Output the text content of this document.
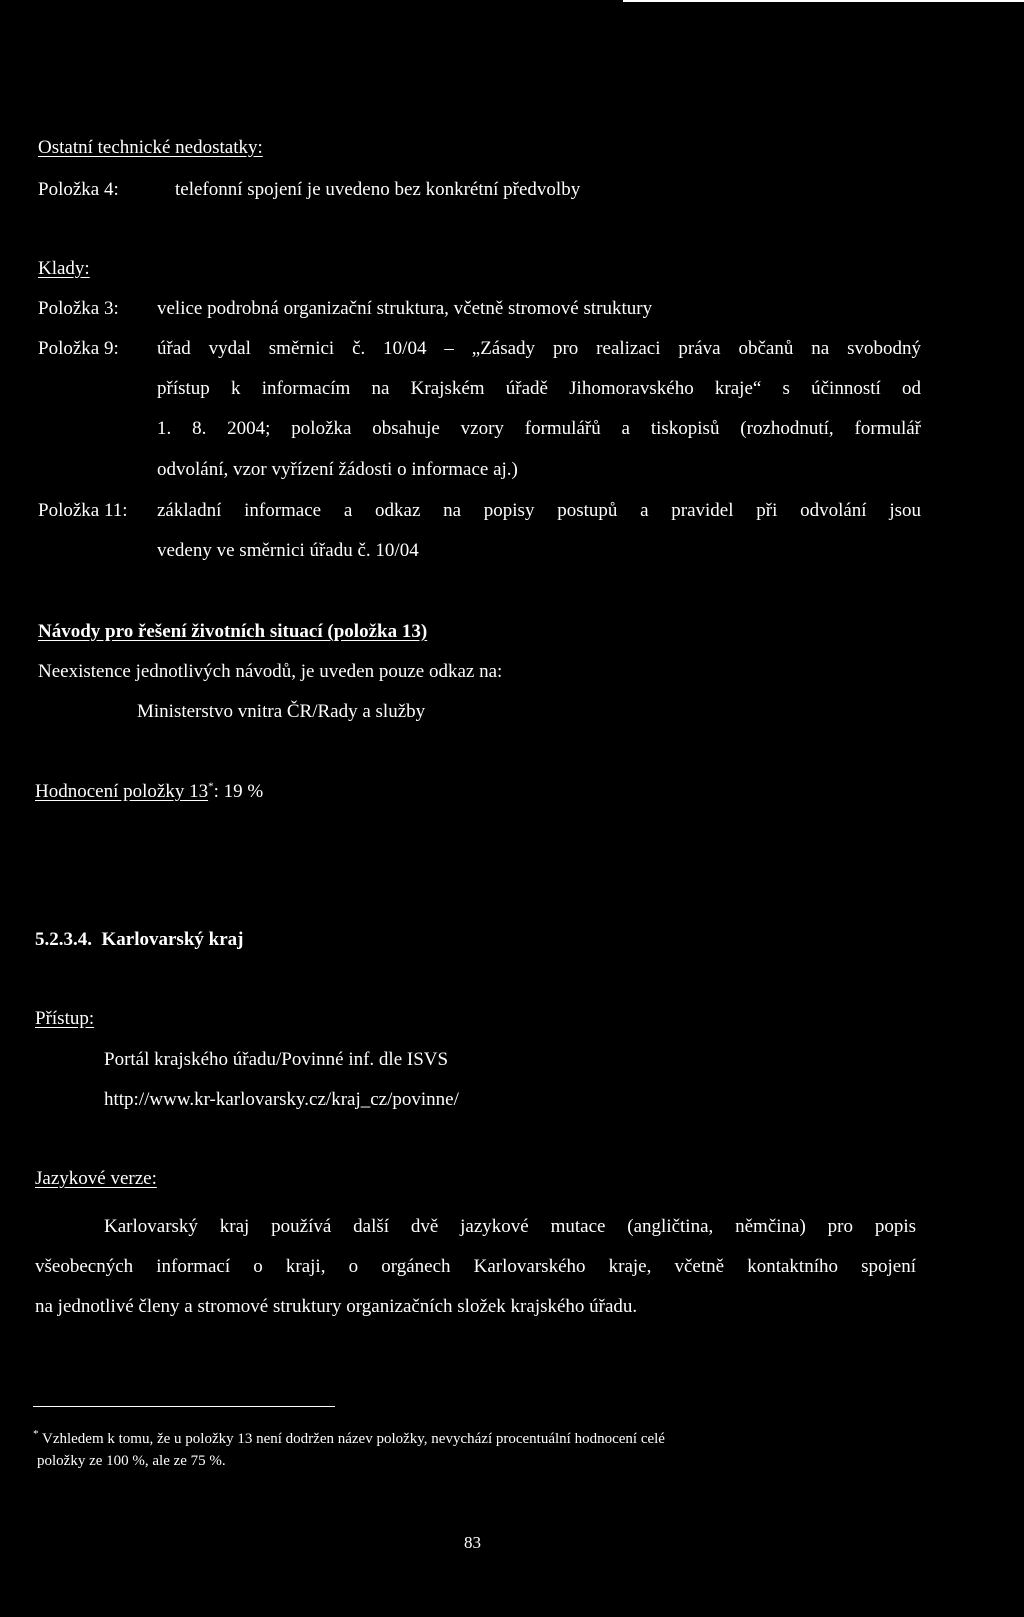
Ostatní technické nedostatky:

Položka 4:	telefonní spojení je uvedeno bez konkrétní předvolby

Klady:

Položka 3: velice podrobná organizační struktura, včetně stromové struktury

Položka 9: úřad vydal směrnici č. 10/04 – „Zásady pro realizaci práva občanů na svobodný

přístup k informacím na Krajském úřadě Jihomoravského kraje“ s účinností od

1. 8. 2004; položka obsahuje vzory formulářů a tiskopisů (rozhodnutí, formulář

odvolání, vzor vyřízení žádosti o informace aj.)

Položka 11: základní informace a odkaz na popisy postupů a pravidel při odvolání jsou

vedeny ve směrnici úřadu č. 10/04

Návody pro řešení životních situací (položka 13)

Neexistence jednotlivých návodů, je uveden pouze odkaz na:

Ministerstvo vnitra ČR/Rady a služby

Hodnocení položky 13*: 19 %

5.2.3.4. Karlovarský kraj

Přístup:

Portál krajského úřadu/Povinné inf. dle ISVS

http://www.kr-karlovarsky.cz/kraj_cz/povinne/

Jazykové verze:

Karlovarský kraj používá další dvě jazykové mutace (angličtina, němčina) pro popis

všeobecných informací o kraji, o orgánech Karlovarského kraje, včetně kontaktního spojení

na jednotlivé členy a stromové struktury organizačních složek krajského úřadu.

* Vzhledem k tomu, že u položky 13 není dodržen název položky, nevychází procentuální hodnocení celé

položky ze 100 %, ale ze 75 %.

83
